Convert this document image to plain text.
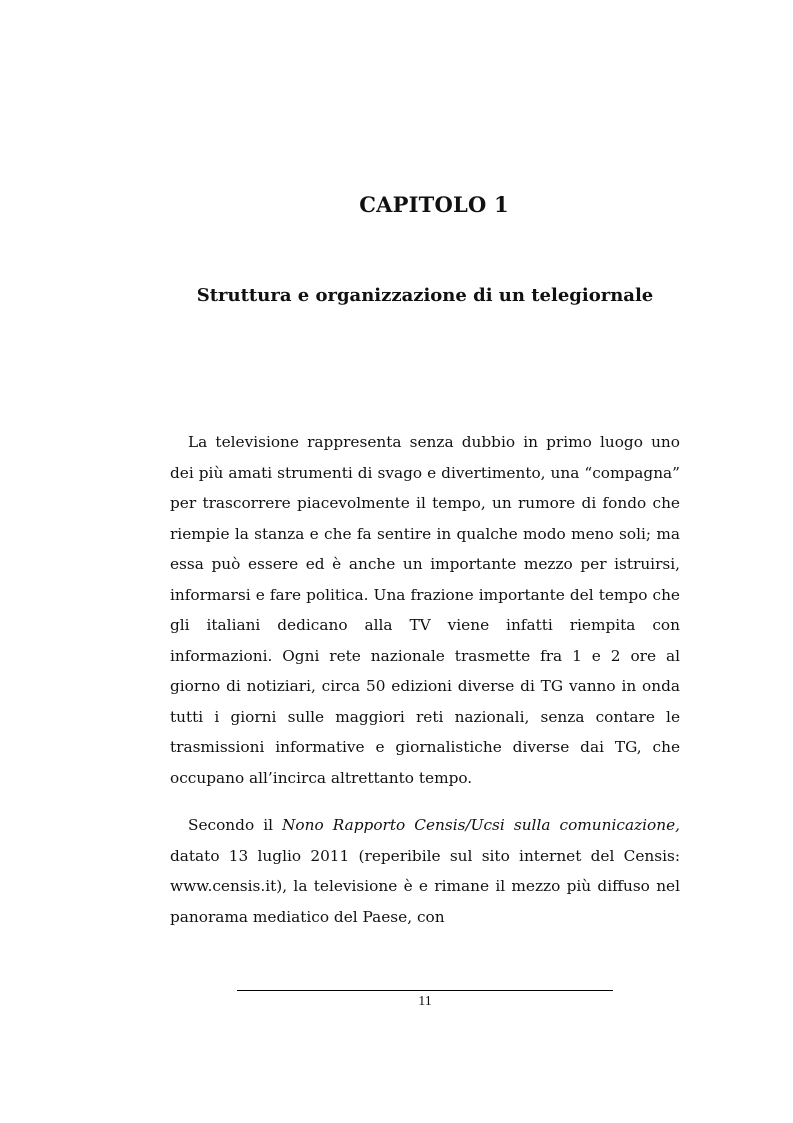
CAPITOLO 1
Struttura e organizzazione di un telegiornale

La televisione rappresenta senza dubbio in primo luogo uno dei più amati strumenti di svago e divertimento, una “compagna” per trascorrere piacevolmente il tempo, un rumore di fondo che riempie la stanza e che fa sentire in qualche modo meno soli; ma essa può essere ed è anche un importante mezzo per istruirsi, informarsi e fare politica. Una frazione importante del tempo che gli italiani dedicano alla TV viene infatti riempita con informazioni. Ogni rete nazionale trasmette fra 1 e 2 ore al giorno di notiziari, circa 50 edizioni diverse di TG vanno in onda tutti i giorni sulle maggiori reti nazionali, senza contare le trasmissioni informative e giornalistiche diverse dai TG, che occupano all’incirca altrettanto tempo.

Secondo il Nono Rapporto Censis/Ucsi sulla comunicazione, datato 13 luglio 2011 (reperibile sul sito internet del Censis: www.censis.it), la televisione è e rimane il mezzo più diffuso nel panorama mediatico del Paese, con

11
